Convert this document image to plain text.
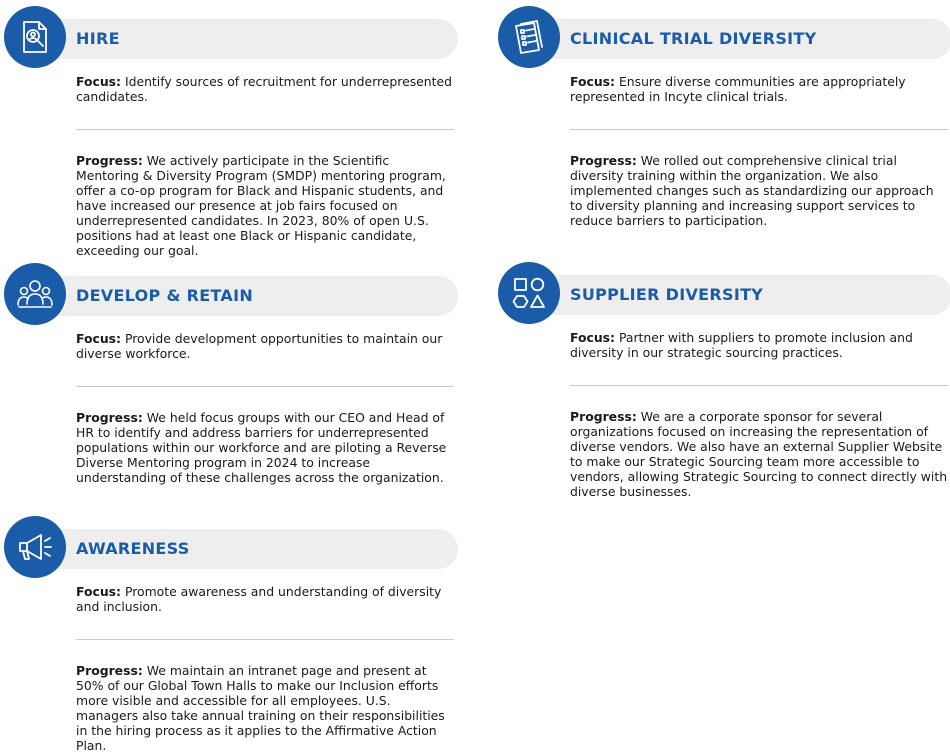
HIRE

Focus: Identify sources of recruitment for underrepresented candidates.

Progress: We actively participate in the Scientific Mentoring & Diversity Program (SMDP) mentoring program, offer a co-op program for Black and Hispanic students, and have increased our presence at job fairs focused on underrepresented candidates. In 2023, 80% of open U.S. positions had at least one Black or Hispanic candidate, exceeding our goal.

CLINICAL TRIAL DIVERSITY

Focus: Ensure diverse communities are appropriately represented in Incyte clinical trials.

Progress: We rolled out comprehensive clinical trial diversity training within the organization. We also implemented changes such as standardizing our approach to diversity planning and increasing support services to reduce barriers to participation.

DEVELOP & RETAIN

Focus: Provide development opportunities to maintain our diverse workforce.

Progress: We held focus groups with our CEO and Head of HR to identify and address barriers for underrepresented populations within our workforce and are piloting a Reverse Diverse Mentoring program in 2024 to increase understanding of these challenges across the organization.

SUPPLIER DIVERSITY

Focus: Partner with suppliers to promote inclusion and diversity in our strategic sourcing practices.

Progress: We are a corporate sponsor for several organizations focused on increasing the representation of diverse vendors. We also have an external Supplier Website to make our Strategic Sourcing team more accessible to vendors, allowing Strategic Sourcing to connect directly with diverse businesses.

AWARENESS

Focus: Promote awareness and understanding of diversity and inclusion.

Progress: We maintain an intranet page and present at 50% of our Global Town Halls to make our Inclusion efforts more visible and accessible for all employees. U.S. managers also take annual training on their responsibilities in the hiring process as it applies to the Affirmative Action Plan.
